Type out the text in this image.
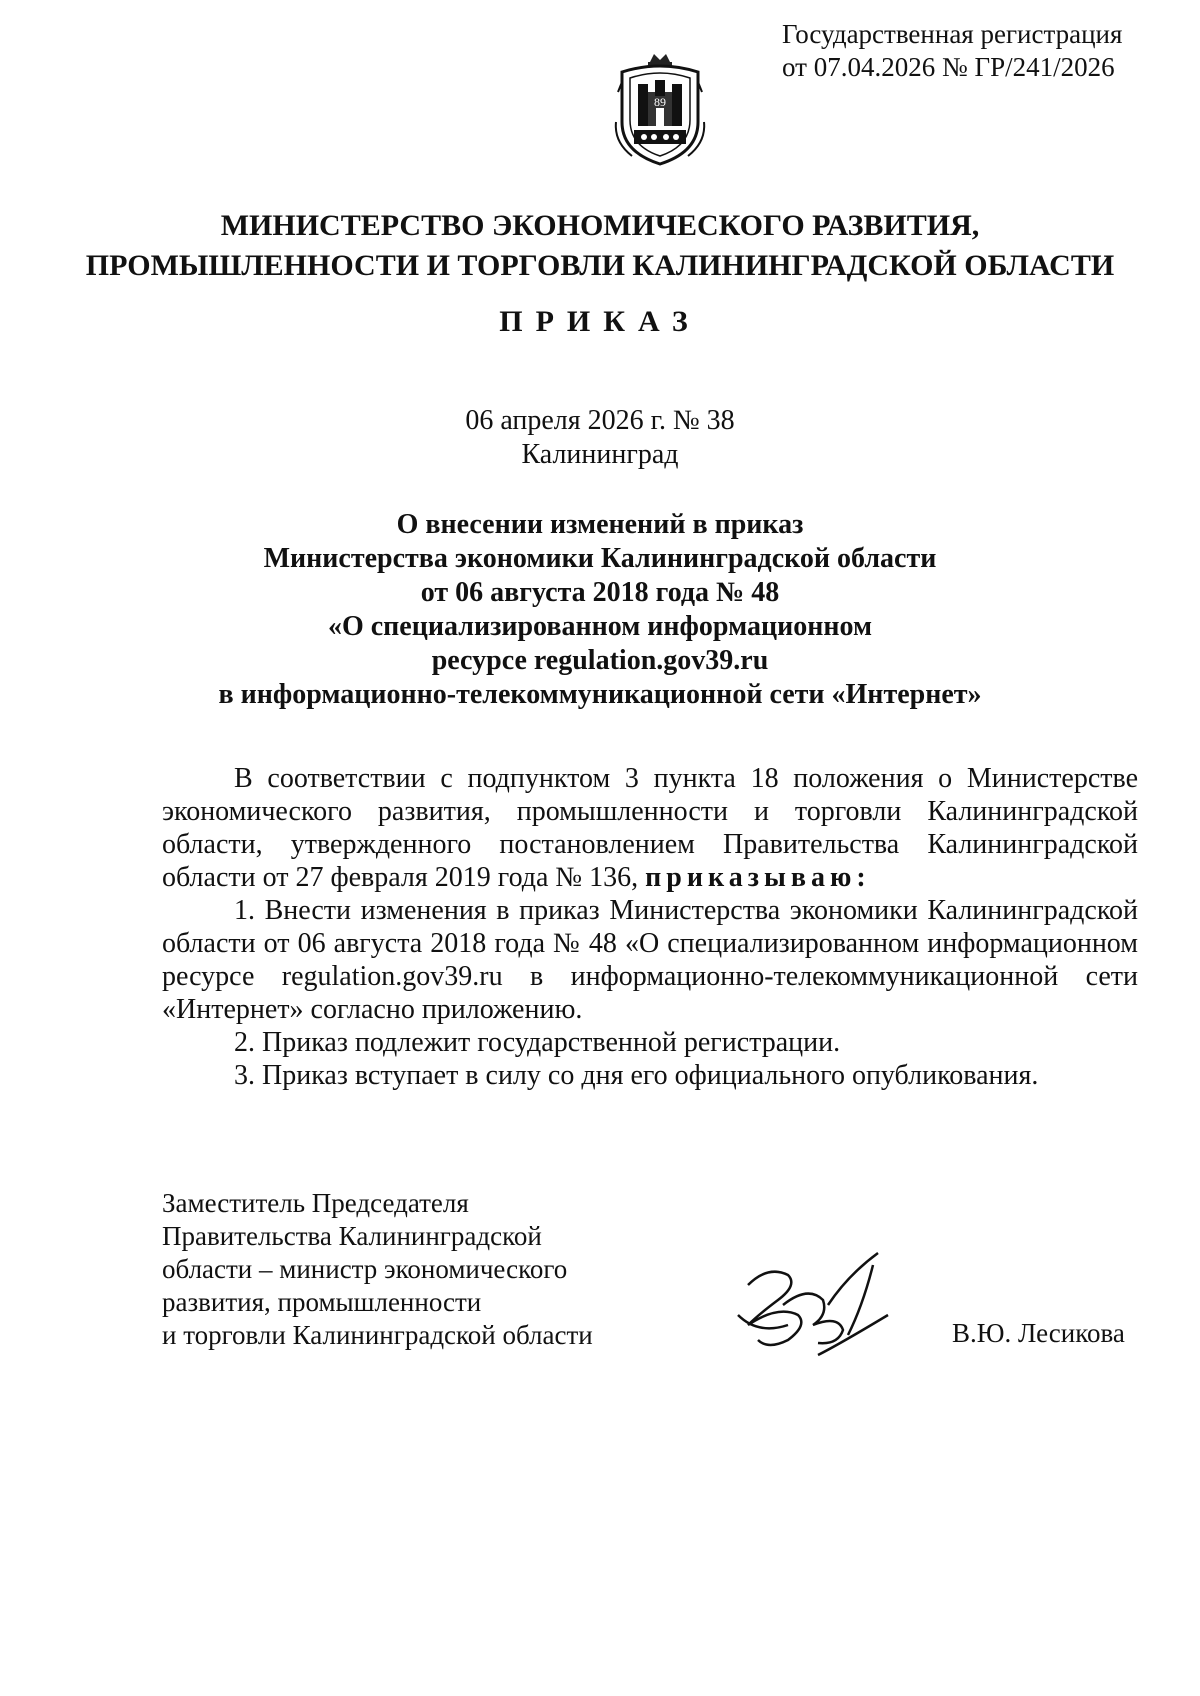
Государственная регистрация
от 07.04.2026 № ГР/241/2026
89
МИНИСТЕРСТВО ЭКОНОМИЧЕСКОГО РАЗВИТИЯ,
ПРОМЫШЛЕННОСТИ И ТОРГОВЛИ КАЛИНИНГРАДСКОЙ ОБЛАСТИ
ПРИКАЗ
06 апреля 2026 г. № 38
Калининград
О внесении изменений в приказ
Министерства экономики Калининградской области
от 06 августа 2018 года № 48
«О специализированном информационном
ресурсе regulation.gov39.ru
в информационно-телекоммуникационной сети «Интернет»

В соответствии с подпунктом 3 пункта 18 положения о Министерстве экономического развития, промышленности и торговли Калининградской области, утвержденного постановлением Правительства Калининградской области от 27 февраля 2019 года № 136, приказываю:

1. Внести изменения в приказ Министерства экономики Калининградской области от 06 августа 2018 года № 48 «О специализированном информационном ресурсе regulation.gov39.ru в информационно-телекоммуникационной сети «Интернет» согласно приложению.

2. Приказ подлежит государственной регистрации.

3. Приказ вступает в силу со дня его официального опубликования.

Заместитель Председателя
Правительства Калининградской
области – министр экономического
развития, промышленности
и торговли Калининградской области	В.Ю. Лесикова
